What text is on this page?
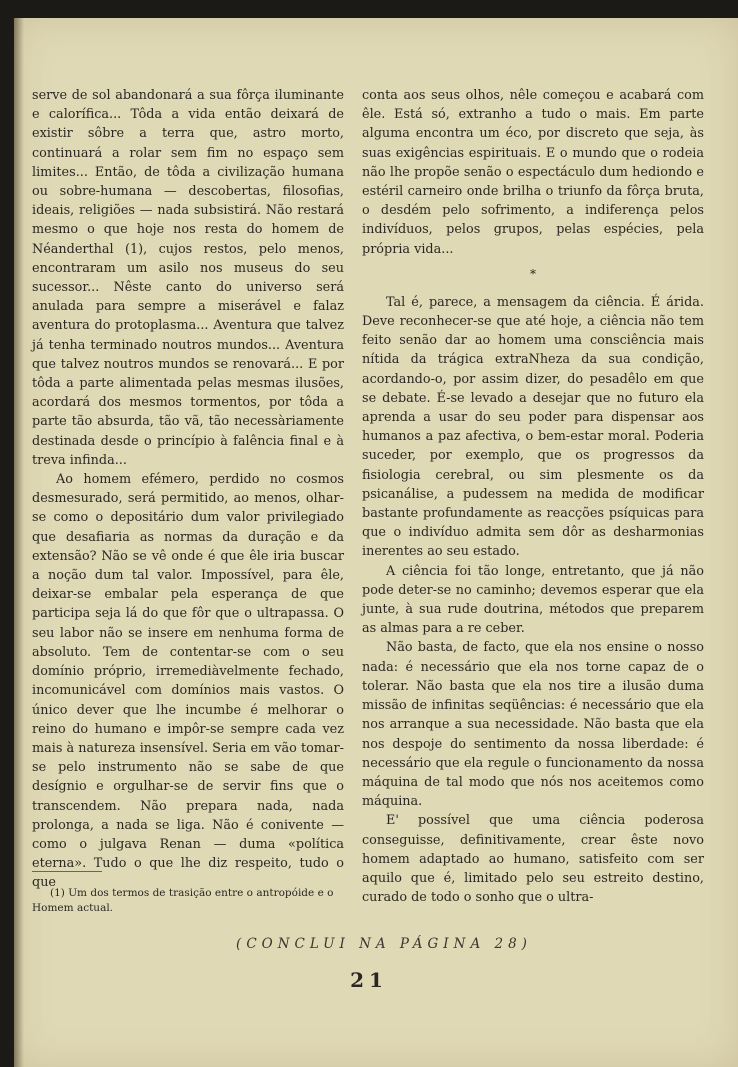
serve de sol abandonará a sua fôrça iluminante e calorífica... Tôda a vida então deixará de existir sôbre a terra que, astro morto, continuará a rolar sem fim no espaço sem limites... Então, de tôda a civilização humana ou sobre-humana — descobertas, filosofias, ideais, religiões — nada subsistirá. Não restará mesmo o que hoje nos resta do homem de Néanderthal (1), cujos restos, pelo menos, encontraram um asilo nos museus do seu sucessor... Nêste canto do universo será anulada para sempre a miserável e falaz aventura do protoplasma... Aventura que talvez já tenha terminado noutros mundos... Aventura que talvez noutros mundos se renovará... E por tôda a parte alimentada pelas mesmas ilusões, acordará dos mesmos tormentos, por tôda a parte tão absurda, tão vã, tão necessàriamente destinada desde o princípio à falência final e à treva infinda...

Ao homem efémero, perdido no cosmos desmesurado, será permitido, ao menos, olhar-se como o depositário dum valor privilegiado que desafiaria as normas da duração e da extensão? Não se vê onde é que êle iria buscar a noção dum tal valor. Impossível, para êle, deixar-se embalar pela esperança de que participa seja lá do que fôr que o ultrapassa. O seu labor não se insere em nenhuma forma de absoluto. Tem de contentar-se com o seu domínio próprio, irremediàvelmente fechado, incomunicável com domínios mais vastos. O único dever que lhe incumbe é melhorar o reino do humano e impôr-se sempre cada vez mais à natureza insensível. Seria em vão tomar-se pelo instrumento não se sabe de que desígnio e orgulhar-se de servir fins que o transcendem. Não prepara nada, nada prolonga, a nada se liga. Não é conivente — como o julgava Renan — duma «política eterna». Tudo o que lhe diz respeito, tudo o que

conta aos seus olhos, nêle começou e acabará com êle. Está só, extranho a tudo o mais. Em parte alguma encontra um éco, por discreto que seja, às suas exigências espirituais. E o mundo que o rodeia não lhe propõe senão o espectáculo dum hediondo e estéril carneiro onde brilha o triunfo da fôrça bruta, o desdém pelo sofrimento, a indiferença pelos indivíduos, pelos grupos, pelas espécies, pela própria vida...

*

Tal é, parece, a mensagem da ciência. É árida. Deve reconhecer-se que até hoje, a ciência não tem feito senão dar ao homem uma consciência mais nítida da trágica extraNheza da sua condição, acordando-o, por assim dizer, do pesadêlo em que se debate. É-se levado a desejar que no futuro ela aprenda a usar do seu poder para dispensar aos humanos a paz afectiva, o bem-estar moral. Poderia suceder, por exemplo, que os progressos da fisiologia cerebral, ou sim plesmente os da psicanálise, a pudessem na medida de modificar bastante profundamente as reacções psíquicas para que o indivíduo admita sem dôr as desharmonias inerentes ao seu estado.

A ciência foi tão longe, entretanto, que já não pode deter-se no caminho; devemos esperar que ela junte, à sua rude doutrina, métodos que preparem as almas para a re ceber.

Não basta, de facto, que ela nos ensine o nosso nada: é necessário que ela nos torne capaz de o tolerar. Não basta que ela nos tire a ilusão duma missão de infinitas seqüências: é necessário que ela nos arranque a sua necessidade. Não basta que ela nos despoje do sentimento da nossa liberdade: é necessário que ela regule o funcionamento da nossa máquina de tal modo que nós nos aceitemos como máquina.

E' possível que uma ciência poderosa conseguisse, definitivamente, crear êste novo homem adaptado ao humano, satisfeito com ser aquilo que é, limitado pelo seu estreito destino, curado de todo o sonho que o ultra-

(1) Um dos termos de trasição entre o antropóide e o Homem actual.
(CONCLUI NA PÁGINA 28)
21
